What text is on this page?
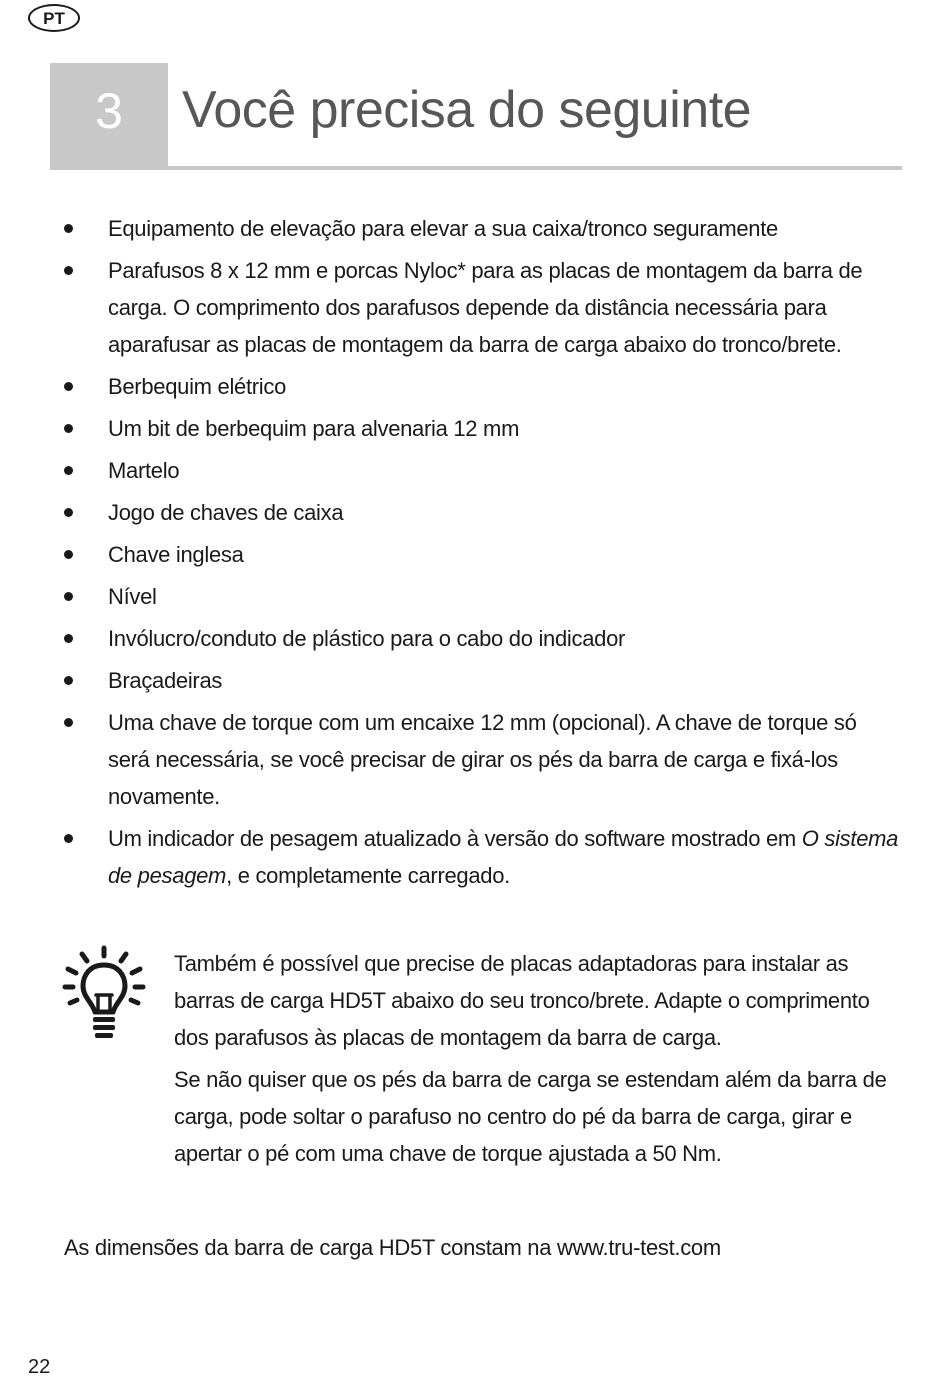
PT
3	Você precisa do seguinte
Equipamento de elevação para elevar a sua caixa/tronco seguramente
Parafusos 8 x 12 mm e porcas Nyloc* para as placas de montagem da barra de carga. O comprimento dos parafusos depende da distância necessária para aparafusar as placas de montagem da barra de carga abaixo do tronco/brete.
Berbequim elétrico
Um bit de berbequim para alvenaria 12 mm
Martelo
Jogo de chaves de caixa
Chave inglesa
Nível
Invólucro/conduto de plástico para o cabo do indicador
Braçadeiras
Uma chave de torque com um encaixe 12 mm (opcional). A chave de torque só será necessária, se você precisar de girar os pés da barra de carga e fixá-los novamente.
Um indicador de pesagem atualizado à versão do software mostrado em O sistema de pesagem, e completamente carregado.

Também é possível que precise de placas adaptadoras para instalar as barras de carga HD5T abaixo do seu tronco/brete. Adapte o comprimento dos parafusos às placas de montagem da barra de carga.

Se não quiser que os pés da barra de carga se estendam além da barra de carga, pode soltar o parafuso no centro do pé da barra de carga, girar e apertar o pé com uma chave de torque ajustada a 50 Nm.

As dimensões da barra de carga HD5T constam na www.tru-test.com
22
